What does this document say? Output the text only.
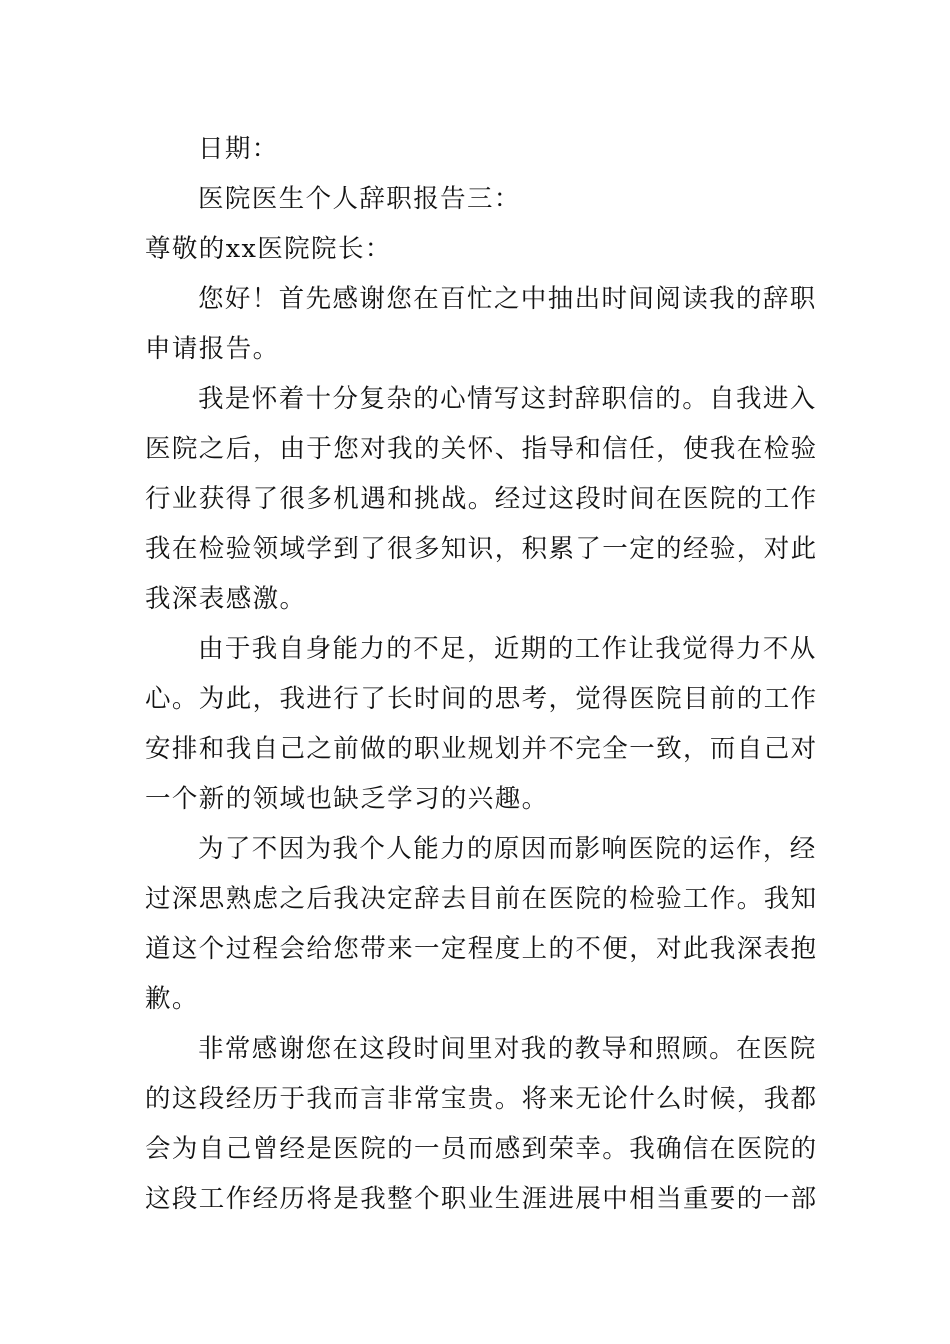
日期：
医院医生个人辞职报告三：
尊敬的xx医院院长：
您好！首先感谢您在百忙之中抽出时间阅读我的辞职
申请报告。
我是怀着十分复杂的心情写这封辞职信的。自我进入
医院之后，由于您对我的关怀、指导和信任，使我在检验
行业获得了很多机遇和挑战。经过这段时间在医院的工作
我在检验领域学到了很多知识，积累了一定的经验，对此
我深表感激。
由于我自身能力的不足，近期的工作让我觉得力不从
心。为此，我进行了长时间的思考，觉得医院目前的工作
安排和我自己之前做的职业规划并不完全一致，而自己对
一个新的领域也缺乏学习的兴趣。
为了不因为我个人能力的原因而影响医院的运作，经
过深思熟虑之后我决定辞去目前在医院的检验工作。我知
道这个过程会给您带来一定程度上的不便，对此我深表抱
歉。
非常感谢您在这段时间里对我的教导和照顾。在医院
的这段经历于我而言非常宝贵。将来无论什么时候，我都
会为自己曾经是医院的一员而感到荣幸。我确信在医院的
这段工作经历将是我整个职业生涯进展中相当重要的一部
